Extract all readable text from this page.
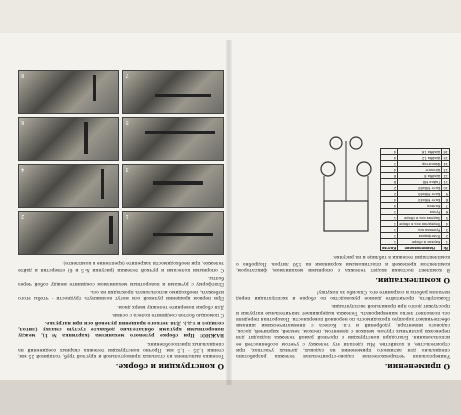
О конструкции и сборке.

Тележка выполнена из стальных прямоугольной и круглой труб, толщиной 25 мм, стенки 1,35 - 1,5 мм. Прочно конструкции тележка сварных соединений на специальных приспособлениях.

ВАЖНО! При сборке рулевого механизма (картинка №1), между поворотными кругами обязательно добавьте густую смазку (литол, солидол и т.д.). Для легкого вращения рулевой оси при нагрузке.

С помощью болтов соедините колеса с осями.

Для сборки поверните тележку вверх дном.

При первом вращении рулевой оси могут возникнуть трудности - чтобы этого избежать, необходимо использовать прокладки на ось.

Платформу с ручками и поворотным механизмом соедините между собой через болты.

С опорными колесами и ручкой тележки (рисунки №5 и 6) отверстия и дайте тележке, при необходимости закрепите (крепление в комплекте).

1
2
3
4
5
6
7
8
О применении.

Универсальная четырехколесная садово-строительная тележка разработана специально для активного применения на садовых, дачных участках, при строительстве, в хозяйстве. Мы сделали эту тележку с учетом особенностей ее использования. Благодаря конструкции с прочной рамой тележка подходит для перевозки различных грузов: мешков с цементом, песком, землей, кирпичей, досок, садового инвентаря, удобрений и т.п. Колеса с пневматическими шинами обеспечивают хорошую проходимость по неровной поверхности. Поворотная передняя ось позволяет легко маневрировать. Тележка выдерживает значительные нагрузки и прослужит долго при правильной эксплуатации.

Пожалуйста, прочитайте данное руководство по сборке и эксплуатации перед началом работы и сохраните его. Спасибо за покупку!

О комплектации.

В комплект поставки входят тележка с опорными механизмом, фиксатором, комплектом крепежей и пластиковыми корзинами на 150 литров. Подробно о комплектации тележки в таблице и на рисунке.

№	Наименование	Кол-во
1	Каркас в сборе	1
2	Платформа	1
3	Рулевая ось	1
4	Передняя ось в сборе	1
5	Задняя ось в сборе	1
6	Ручка	1
7	Колесо	4
8	Болт М8x40	4
9	Болт М8x60	2
10	Болт М8x80	2
11	Гайка М8	8
12	Шайба 8	8
13	Шплинт	4
14	Фиксатор	1
15	Шайба 12	4
16	Шайба 16	4
